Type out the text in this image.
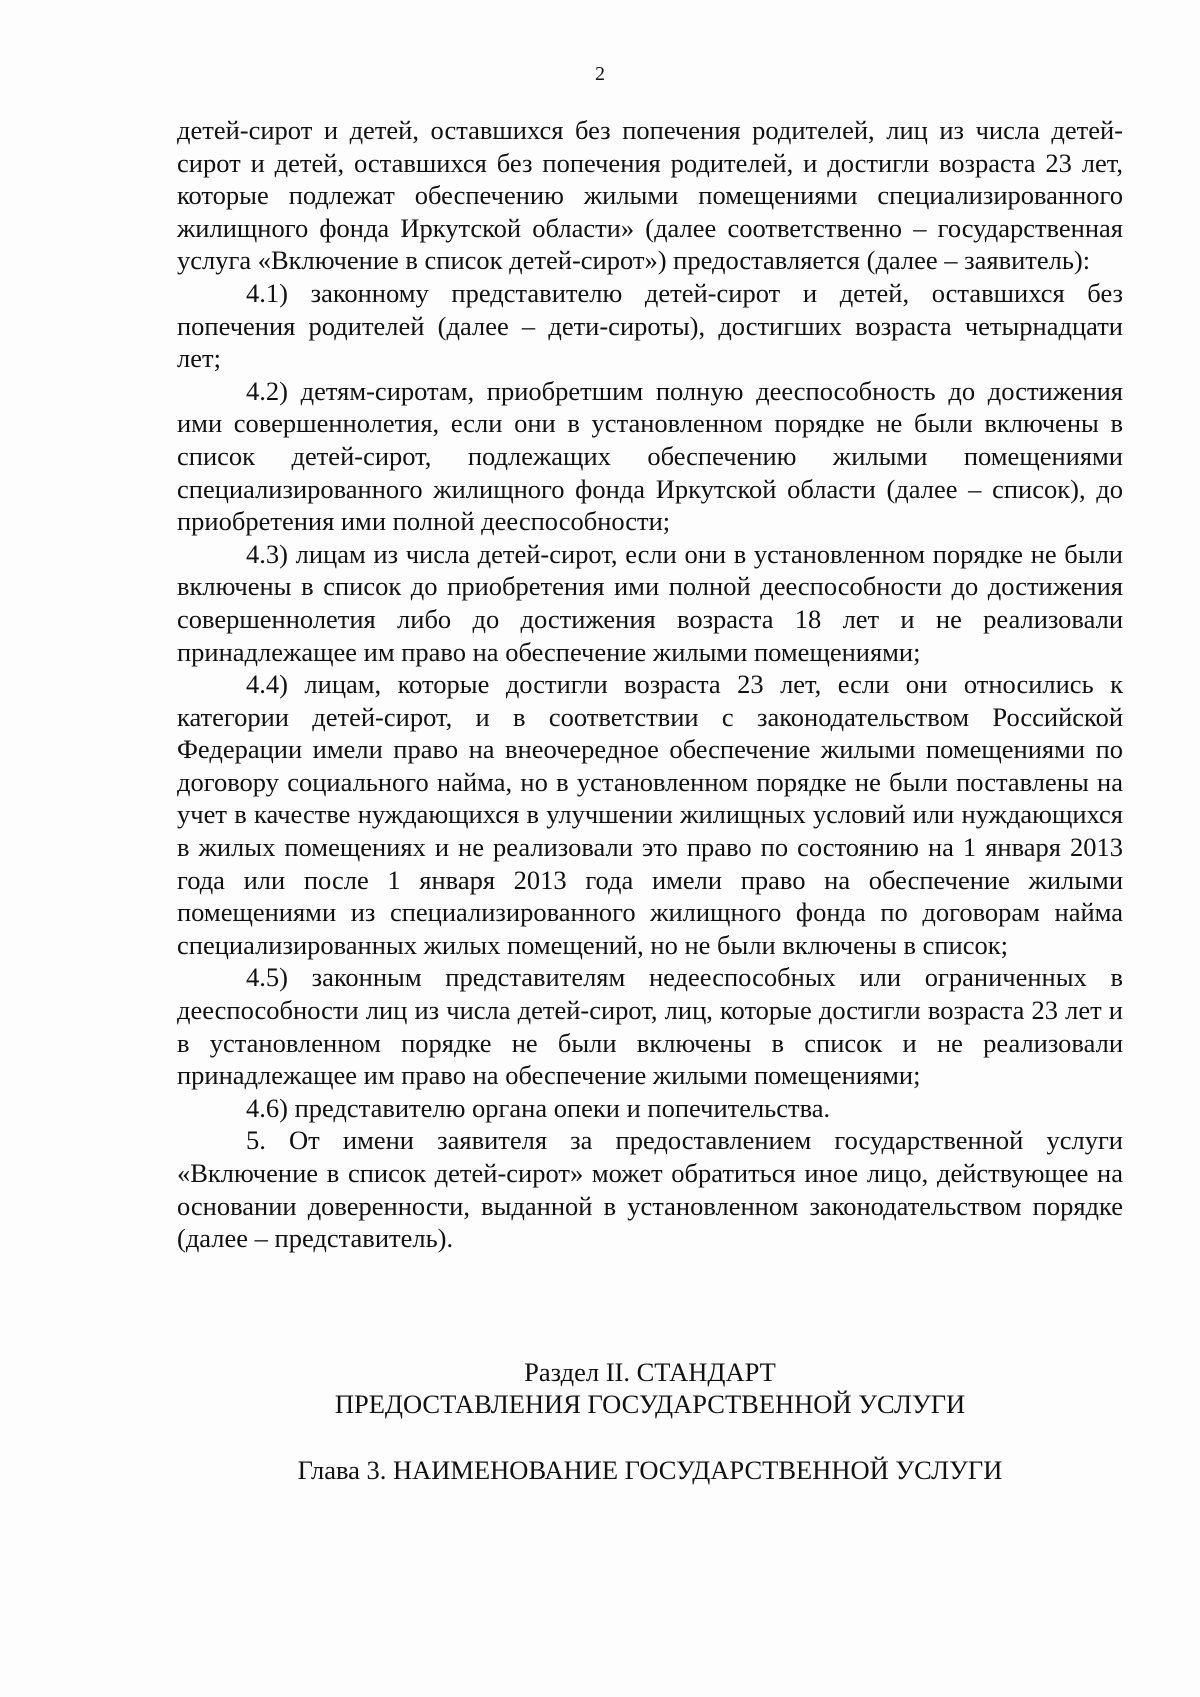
2

детей-сирот и детей, оставшихся без попечения родителей, лиц из числа детей-сирот и детей, оставшихся без попечения родителей, и достигли возраста 23 лет, которые подлежат обеспечению жилыми помещениями специализированного жилищного фонда Иркутской области» (далее соответственно – государственная услуга «Включение в список детей-сирот») предоставляется (далее – заявитель):

4.1) законному представителю детей-сирот и детей, оставшихся без попечения родителей (далее – дети-сироты), достигших возраста четырнадцати лет;

4.2) детям-сиротам, приобретшим полную дееспособность до достижения ими совершеннолетия, если они в установленном порядке не были включены в список детей-сирот, подлежащих обеспечению жилыми помещениями специализированного жилищного фонда Иркутской области (далее – список), до приобретения ими полной дееспособности;

4.3) лицам из числа детей-сирот, если они в установленном порядке не были включены в список до приобретения ими полной дееспособности до достижения совершеннолетия либо до достижения возраста 18 лет и не реализовали принадлежащее им право на обеспечение жилыми помещениями;

4.4) лицам, которые достигли возраста 23 лет, если они относились к категории детей-сирот, и в соответствии с законодательством Российской Федерации имели право на внеочередное обеспечение жилыми помещениями по договору социального найма, но в установленном порядке не были поставлены на учет в качестве нуждающихся в улучшении жилищных условий или нуждающихся в жилых помещениях и не реализовали это право по состоянию на 1 января 2013 года или после 1 января 2013 года имели право на обеспечение жилыми помещениями из специализированного жилищного фонда по договорам найма специализированных жилых помещений, но не были включены в список;

4.5) законным представителям недееспособных или ограниченных в дееспособности лиц из числа детей-сирот, лиц, которые достигли возраста 23 лет и в установленном порядке не были включены в список и не реализовали принадлежащее им право на обеспечение жилыми помещениями;

4.6) представителю органа опеки и попечительства.

5. От имени заявителя за предоставлением государственной услуги «Включение в список детей-сирот» может обратиться иное лицо, действующее на основании доверенности, выданной в установленном законодательством порядке (далее – представитель).

Раздел II. СТАНДАРТ
ПРЕДОСТАВЛЕНИЯ ГОСУДАРСТВЕННОЙ УСЛУГИ
Глава 3. НАИМЕНОВАНИЕ ГОСУДАРСТВЕННОЙ УСЛУГИ
